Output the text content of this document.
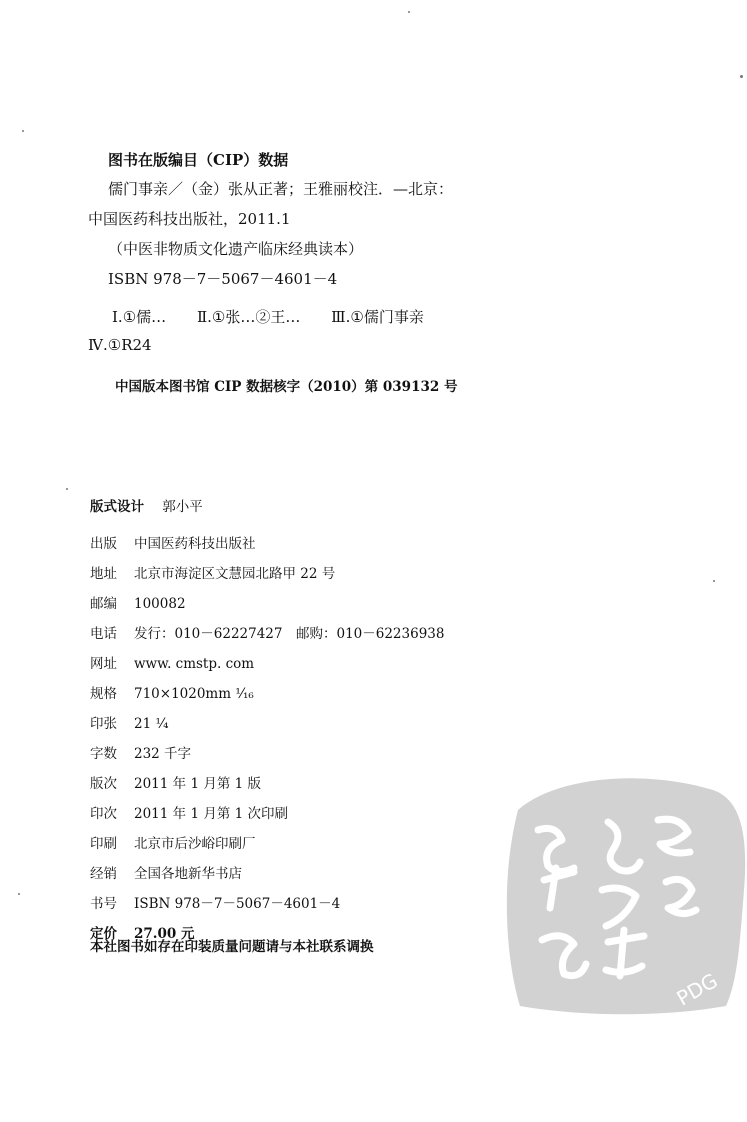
图书在版编目（CIP）数据
儒门事亲／（金）张从正著；王雅丽校注．—北京：
中国医药科技出版社，2011.1
（中医非物质文化遗产临床经典读本）
ISBN 978－7－5067－4601－4
Ⅰ.①儒… Ⅱ.①张…②王… Ⅲ.①儒门事亲
Ⅳ.①R24
中国版本图书馆 CIP 数据核字（2010）第 039132 号
版式设计 郭小平
出版 中国医药科技出版社
地址 北京市海淀区文慧园北路甲 22 号
邮编 100082
电话 发行：010－62227427　邮购：010－62236938
网址 www. cmstp. com
规格 710×1020mm ¹⁄₁₆
印张 21 ¹⁄₄
字数 232 千字
版次 2011 年 1 月第 1 版
印次 2011 年 1 月第 1 次印刷
印刷 北京市后沙峪印刷厂
经销 全国各地新华书店
书号 ISBN 978－7－5067－4601－4
定价 27.00 元
本社图书如存在印装质量问题请与本社联系调换
PDG
